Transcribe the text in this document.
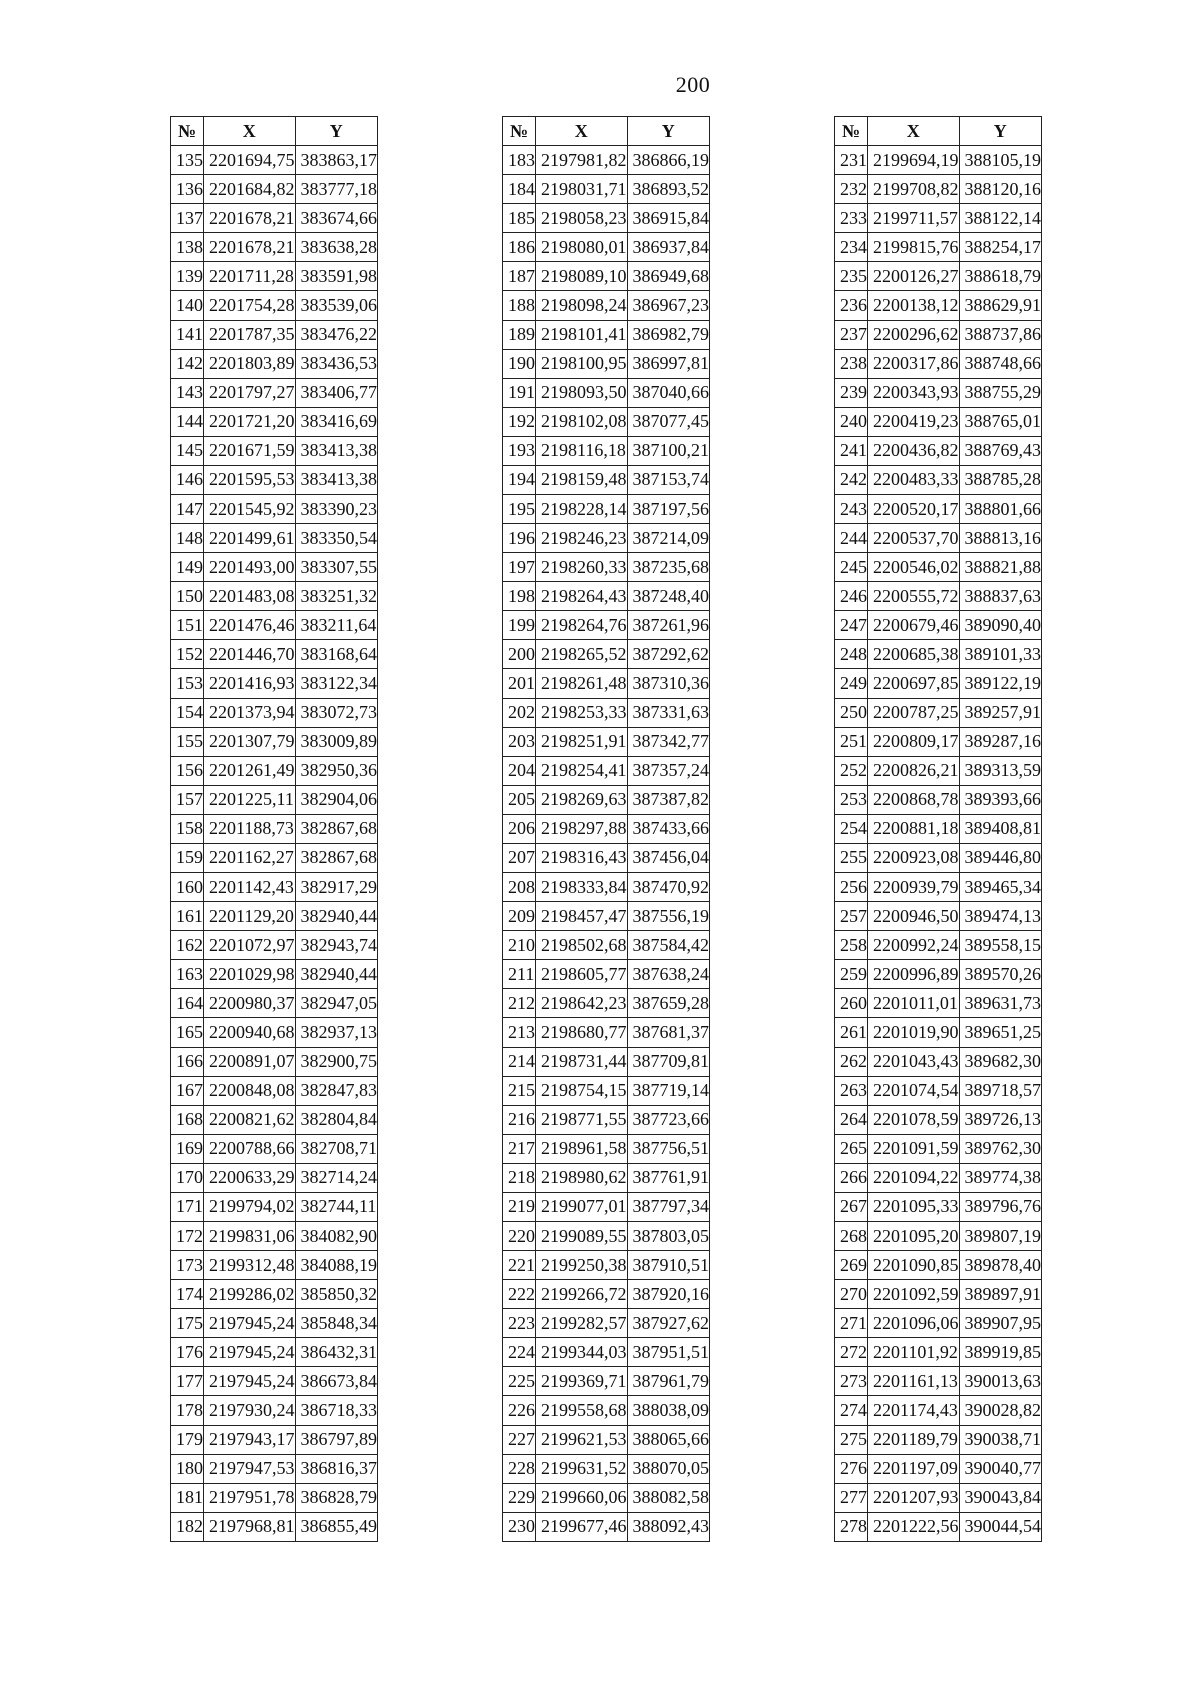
200
№	X	Y
135	2201694,75	383863,17
136	2201684,82	383777,18
137	2201678,21	383674,66
138	2201678,21	383638,28
139	2201711,28	383591,98
140	2201754,28	383539,06
141	2201787,35	383476,22
142	2201803,89	383436,53
143	2201797,27	383406,77
144	2201721,20	383416,69
145	2201671,59	383413,38
146	2201595,53	383413,38
147	2201545,92	383390,23
148	2201499,61	383350,54
149	2201493,00	383307,55
150	2201483,08	383251,32
151	2201476,46	383211,64
152	2201446,70	383168,64
153	2201416,93	383122,34
154	2201373,94	383072,73
155	2201307,79	383009,89
156	2201261,49	382950,36
157	2201225,11	382904,06
158	2201188,73	382867,68
159	2201162,27	382867,68
160	2201142,43	382917,29
161	2201129,20	382940,44
162	2201072,97	382943,74
163	2201029,98	382940,44
164	2200980,37	382947,05
165	2200940,68	382937,13
166	2200891,07	382900,75
167	2200848,08	382847,83
168	2200821,62	382804,84
169	2200788,66	382708,71
170	2200633,29	382714,24
171	2199794,02	382744,11
172	2199831,06	384082,90
173	2199312,48	384088,19
174	2199286,02	385850,32
175	2197945,24	385848,34
176	2197945,24	386432,31
177	2197945,24	386673,84
178	2197930,24	386718,33
179	2197943,17	386797,89
180	2197947,53	386816,37
181	2197951,78	386828,79
182	2197968,81	386855,49
№	X	Y
183	2197981,82	386866,19
184	2198031,71	386893,52
185	2198058,23	386915,84
186	2198080,01	386937,84
187	2198089,10	386949,68
188	2198098,24	386967,23
189	2198101,41	386982,79
190	2198100,95	386997,81
191	2198093,50	387040,66
192	2198102,08	387077,45
193	2198116,18	387100,21
194	2198159,48	387153,74
195	2198228,14	387197,56
196	2198246,23	387214,09
197	2198260,33	387235,68
198	2198264,43	387248,40
199	2198264,76	387261,96
200	2198265,52	387292,62
201	2198261,48	387310,36
202	2198253,33	387331,63
203	2198251,91	387342,77
204	2198254,41	387357,24
205	2198269,63	387387,82
206	2198297,88	387433,66
207	2198316,43	387456,04
208	2198333,84	387470,92
209	2198457,47	387556,19
210	2198502,68	387584,42
211	2198605,77	387638,24
212	2198642,23	387659,28
213	2198680,77	387681,37
214	2198731,44	387709,81
215	2198754,15	387719,14
216	2198771,55	387723,66
217	2198961,58	387756,51
218	2198980,62	387761,91
219	2199077,01	387797,34
220	2199089,55	387803,05
221	2199250,38	387910,51
222	2199266,72	387920,16
223	2199282,57	387927,62
224	2199344,03	387951,51
225	2199369,71	387961,79
226	2199558,68	388038,09
227	2199621,53	388065,66
228	2199631,52	388070,05
229	2199660,06	388082,58
230	2199677,46	388092,43
№	X	Y
231	2199694,19	388105,19
232	2199708,82	388120,16
233	2199711,57	388122,14
234	2199815,76	388254,17
235	2200126,27	388618,79
236	2200138,12	388629,91
237	2200296,62	388737,86
238	2200317,86	388748,66
239	2200343,93	388755,29
240	2200419,23	388765,01
241	2200436,82	388769,43
242	2200483,33	388785,28
243	2200520,17	388801,66
244	2200537,70	388813,16
245	2200546,02	388821,88
246	2200555,72	388837,63
247	2200679,46	389090,40
248	2200685,38	389101,33
249	2200697,85	389122,19
250	2200787,25	389257,91
251	2200809,17	389287,16
252	2200826,21	389313,59
253	2200868,78	389393,66
254	2200881,18	389408,81
255	2200923,08	389446,80
256	2200939,79	389465,34
257	2200946,50	389474,13
258	2200992,24	389558,15
259	2200996,89	389570,26
260	2201011,01	389631,73
261	2201019,90	389651,25
262	2201043,43	389682,30
263	2201074,54	389718,57
264	2201078,59	389726,13
265	2201091,59	389762,30
266	2201094,22	389774,38
267	2201095,33	389796,76
268	2201095,20	389807,19
269	2201090,85	389878,40
270	2201092,59	389897,91
271	2201096,06	389907,95
272	2201101,92	389919,85
273	2201161,13	390013,63
274	2201174,43	390028,82
275	2201189,79	390038,71
276	2201197,09	390040,77
277	2201207,93	390043,84
278	2201222,56	390044,54
